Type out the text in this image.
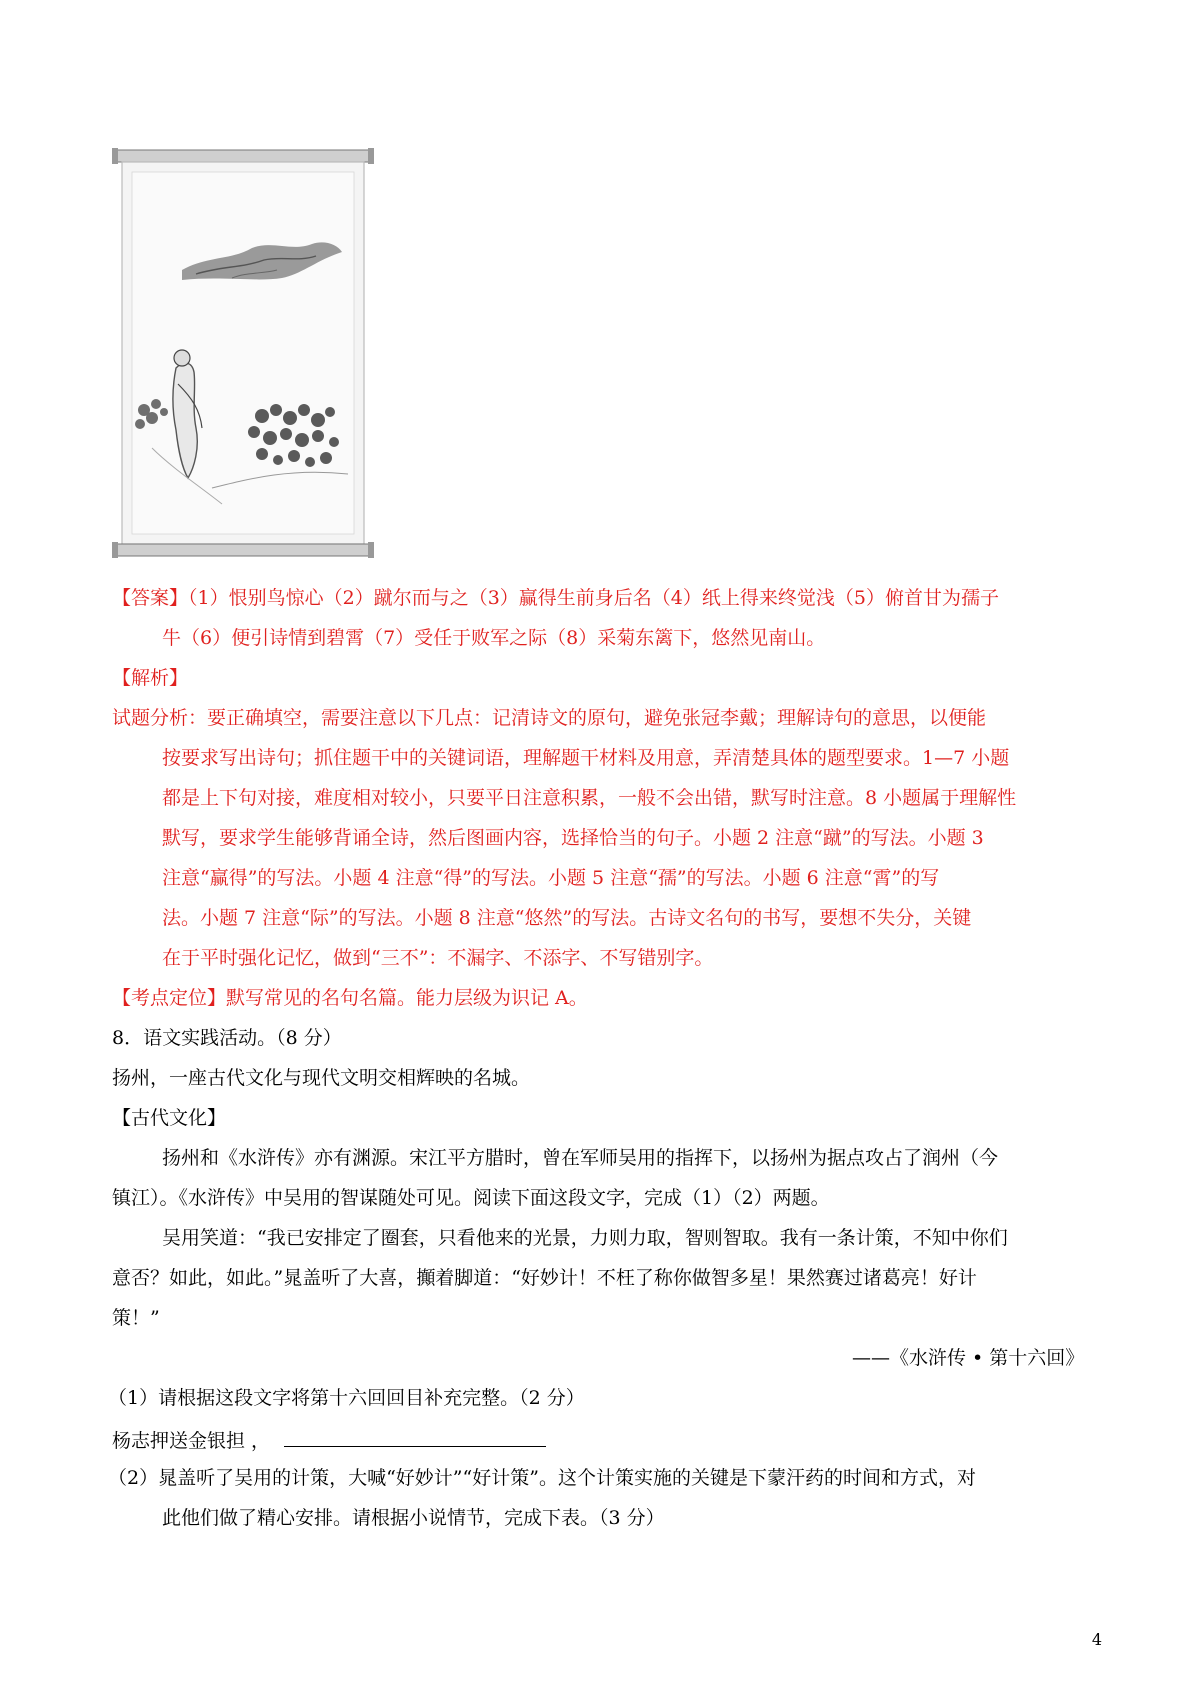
【答案】（1）恨别鸟惊心（2）蹴尔而与之（3）赢得生前身后名（4）纸上得来终觉浅（5）俯首甘为孺子
牛（6）便引诗情到碧霄（7）受任于败军之际（8）采菊东篱下，悠然见南山。
【解析】
试题分析：要正确填空，需要注意以下几点：记清诗文的原句，避免张冠李戴；理解诗句的意思，以便能
按要求写出诗句；抓住题干中的关键词语，理解题干材料及用意，弄清楚具体的题型要求。1—7 小题
都是上下句对接，难度相对较小，只要平日注意积累，一般不会出错，默写时注意。8 小题属于理解性
默写，要求学生能够背诵全诗，然后图画内容，选择恰当的句子。小题 2 注意“蹴”的写法。小题 3
注意“赢得”的写法。小题 4 注意“得”的写法。小题 5 注意“孺”的写法。小题 6 注意“霄”的写
法。小题 7 注意“际”的写法。小题 8 注意“悠然”的写法。古诗文名句的书写，要想不失分，关键
在于平时强化记忆，做到“三不”：不漏字、不添字、不写错别字。
【考点定位】默写常见的名句名篇。能力层级为识记 A。
8．语文实践活动。（8 分）
扬州，一座古代文化与现代文明交相辉映的名城。
【古代文化】
扬州和《水浒传》亦有渊源。宋江平方腊时，曾在军师吴用的指挥下，以扬州为据点攻占了润州（今
镇江）。《水浒传》中吴用的智谋随处可见。阅读下面这段文字，完成（1）（2）两题。
吴用笑道：“我已安排定了圈套，只看他来的光景，力则力取，智则智取。我有一条计策，不知中你们
意否？如此，如此。”晁盖听了大喜，攧着脚道：“好妙计！不枉了称你做智多星！果然赛过诸葛亮！好计
策！”
——《水浒传 • 第十六回》
（1）请根据这段文字将第十六回回目补充完整。（2 分）
杨志押送金银担 ，
（2）晁盖听了吴用的计策，大喊“好妙计”“好计策”。这个计策实施的关键是下蒙汗药的时间和方式，对
此他们做了精心安排。请根据小说情节，完成下表。（3 分）
4
